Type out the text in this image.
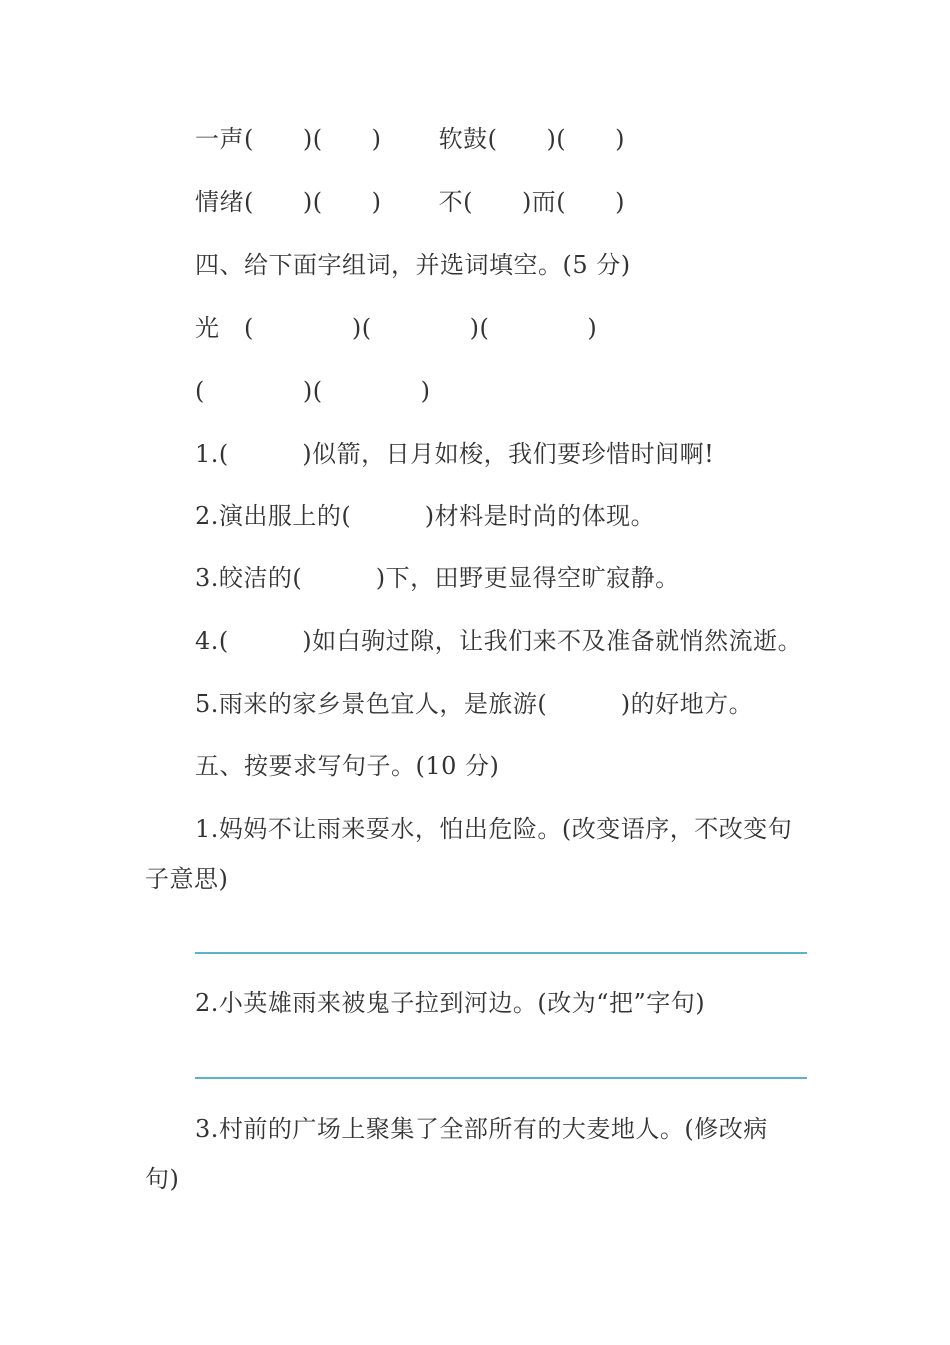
一声(　　)(　　)　　 软鼓(　　)(　　)
情绪(　　)(　　)　　 不(　　)而(　　)
四、给下面字组词，并选词填空。(5 分)
光　(　　　　)(　　　　)(　　　　)
(　　　　)(　　　　)
1.(　　　)似箭，日月如梭，我们要珍惜时间啊!
2.演出服上的(　　　)材料是时尚的体现。
3.皎洁的(　　　)下，田野更显得空旷寂静。
4.(　　　)如白驹过隙，让我们来不及准备就悄然流逝。
5.雨来的家乡景色宜人，是旅游(　　　)的好地方。
五、按要求写句子。(10 分)
1.妈妈不让雨来耍水，怕出危险。(改变语序，不改变句
子意思)
2.小英雄雨来被鬼子拉到河边。(改为“把”字句)
3.村前的广场上聚集了全部所有的大麦地人。(修改病
句)
